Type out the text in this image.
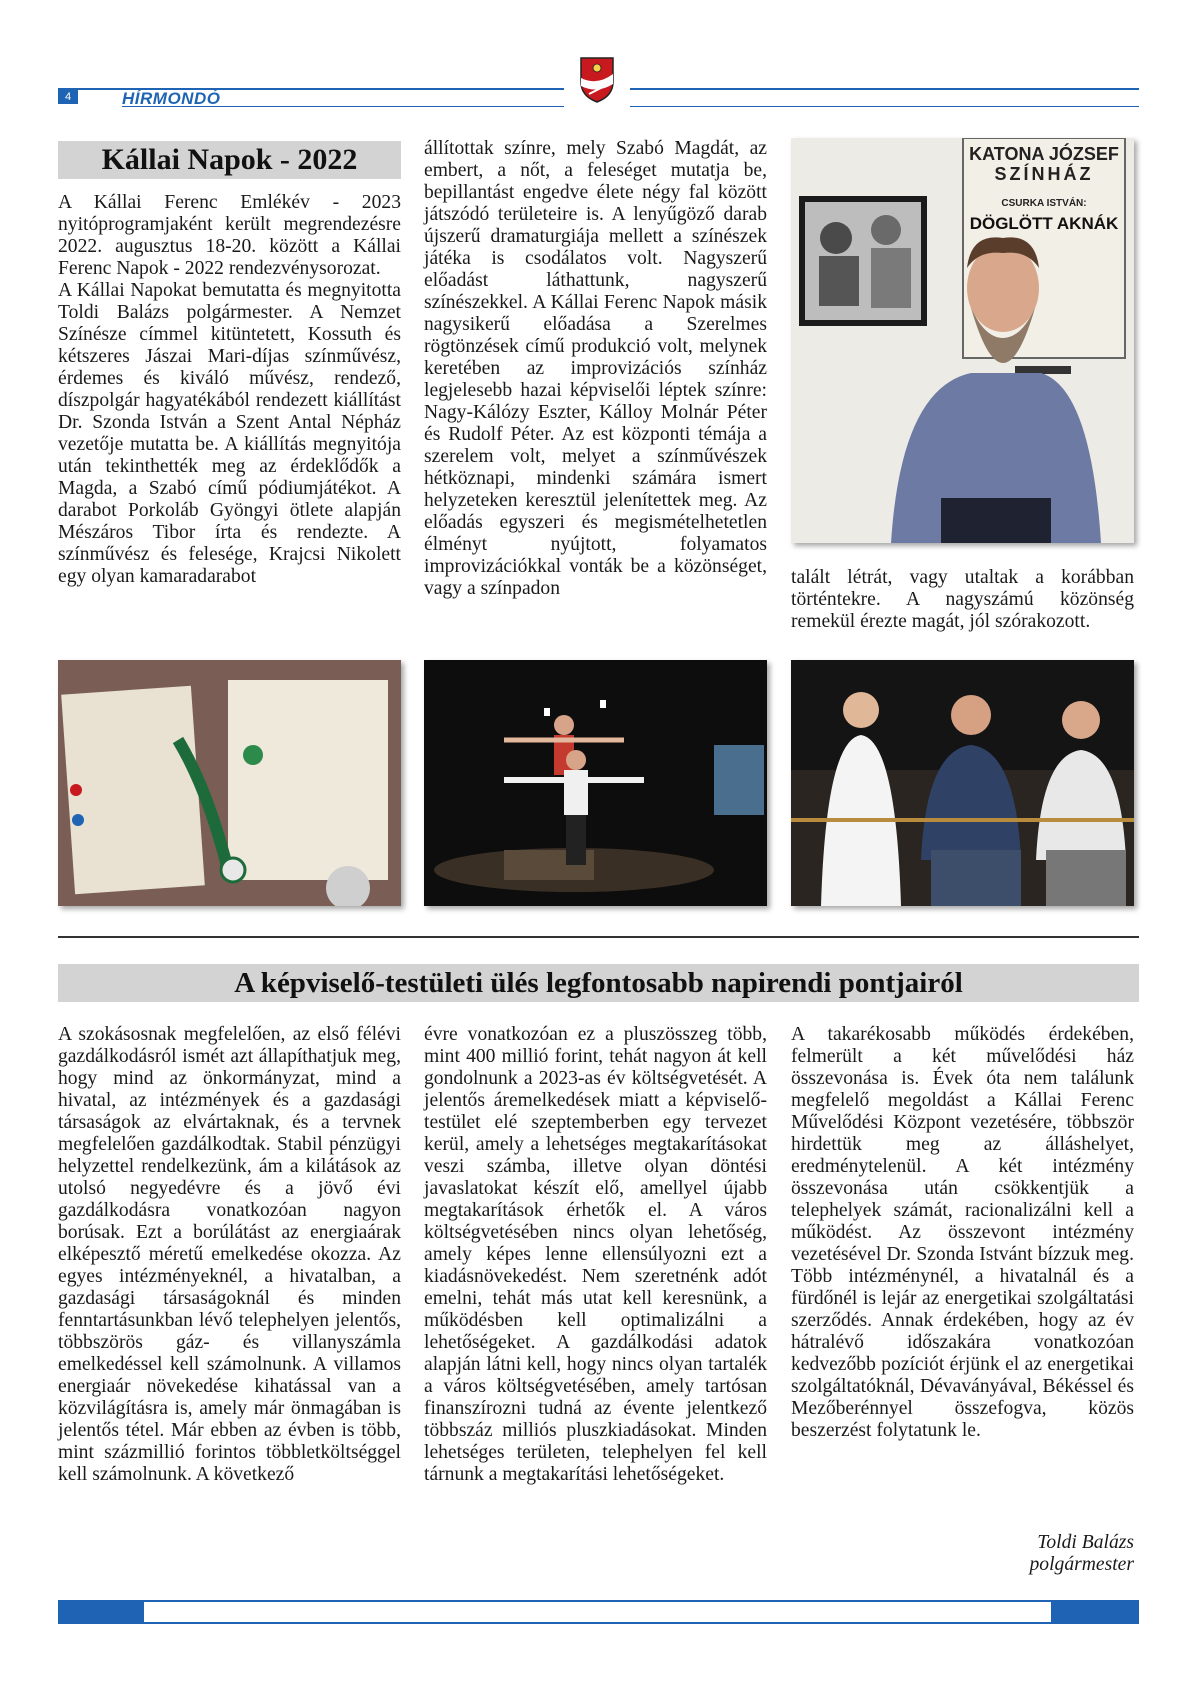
4	HÍRMONDÓ
Kállai Napok - 2022

A Kállai Ferenc Emlékév - 2023 nyitóprogramjaként került megrendezésre 2022. augusztus 18-20. között a Kállai Ferenc Napok - 2022 rendezvénysorozat.

A Kállai Napokat bemutatta és megnyitotta Toldi Balázs polgármester. A Nemzet Színésze címmel kitüntetett, Kossuth és kétszeres Jászai Mari-díjas színművész, érdemes és kiváló művész, rendező, díszpolgár hagyatékából rendezett kiállítást Dr. Szonda István a Szent Antal Népház vezetője mutatta be. A kiállítás megnyitója után tekinthették meg az érdeklődők a Magda, a Szabó című pódiumjátékot. A darabot Porkoláb Gyöngyi ötlete alapján Mészáros Tibor írta és rendezte. A színművész és felesége, Krajcsi Nikolett egy olyan kamaradarabot

állítottak színre, mely Szabó Magdát, az embert, a nőt, a feleséget mutatja be, bepillantást engedve élete négy fal között játszódó területeire is. A lenyűgöző darab újszerű dramaturgiája mellett a színészek játéka is csodálatos volt. Nagyszerű előadást láthattunk, nagyszerű színészekkel. A Kállai Ferenc Napok másik nagysikerű előadása a Szerelmes rögtönzések című produkció volt, melynek keretében az improvizációs színház legjelesebb hazai képviselői léptek színre: Nagy-Kálózy Eszter, Kálloy Molnár Péter és Rudolf Péter. Az est központi témája a szerelem volt, melyet a színművészek hétköznapi, mindenki számára ismert helyzeteken keresztül jelenítettek meg. Az előadás egyszeri és megismételhetetlen élményt nyújtott, folyamatos improvizációkkal vonták be a közönséget, vagy a színpadon

KATONA JÓZSEF
SZÍNHÁZ
CSURKA ISTVÁN:
DÖGLÖTT AKNÁK

talált létrát, vagy utaltak a korábban történtekre. A nagyszámú közönség remekül érezte magát, jól szórakozott.

A képviselő-testületi ülés legfontosabb napirendi pontjairól

A szokásosnak megfelelően, az első félévi gazdálkodásról ismét azt állapíthatjuk meg, hogy mind az önkormányzat, mind a hivatal, az intézmények és a gazdasági társaságok az elvártaknak, és a tervnek megfelelően gazdálkodtak. Stabil pénzügyi helyzettel rendelkezünk, ám a kilátások az utolsó negyedévre és a jövő évi gazdálkodásra vonatkozóan nagyon borúsak. Ezt a borúlátást az energiaárak elképesztő méretű emelkedése okozza. Az egyes intézményeknél, a hivatalban, a gazdasági társaságoknál és minden fenntartásunkban lévő telephelyen jelentős, többszörös gáz- és villanyszámla emelkedéssel kell számolnunk. A villamos energiaár növekedése kihatással van a közvilágításra is, amely már önmagában is jelentős tétel. Már ebben az évben is több, mint százmillió forintos többletköltséggel kell számolnunk. A következő

évre vonatkozóan ez a pluszösszeg több, mint 400 millió forint, tehát nagyon át kell gondolnunk a 2023-as év költségvetését. A jelentős áremelkedések miatt a képviselő-testület elé szeptemberben egy tervezet kerül, amely a lehetséges megtakarításokat veszi számba, illetve olyan döntési javaslatokat készít elő, amellyel újabb megtakarítások érhetők el. A város költségvetésében nincs olyan lehetőség, amely képes lenne ellensúlyozni ezt a kiadásnövekedést. Nem szeretnénk adót emelni, tehát más utat kell keresnünk, a működésben kell optimalizálni a lehetőségeket. A gazdálkodási adatok alapján látni kell, hogy nincs olyan tartalék a város költségvetésében, amely tartósan finanszírozni tudná az évente jelentkező többszáz milliós pluszkiadásokat. Minden lehetséges területen, telephelyen fel kell tárnunk a megtakarítási lehetőségeket.

A takarékosabb működés érdekében, felmerült a két művelődési ház összevonása is. Évek óta nem találunk megfelelő megoldást a Kállai Ferenc Művelődési Központ vezetésére, többször hirdettük meg az álláshelyet, eredménytelenül. A két intézmény összevonása után csökkentjük a telephelyek számát, racionalizálni kell a működést. Az összevont intézmény vezetésével Dr. Szonda Istvánt bízzuk meg. Több intézménynél, a hivatalnál és a fürdőnél is lejár az energetikai szolgáltatási szerződés. Annak érdekében, hogy az év hátralévő időszakára vonatkozóan kedvezőbb pozíciót érjünk el az energetikai szolgáltatóknál, Dévaványával, Békéssel és Mezőberénnyel összefogva, közös beszerzést folytatunk le.

Toldi Balázs
polgármester
